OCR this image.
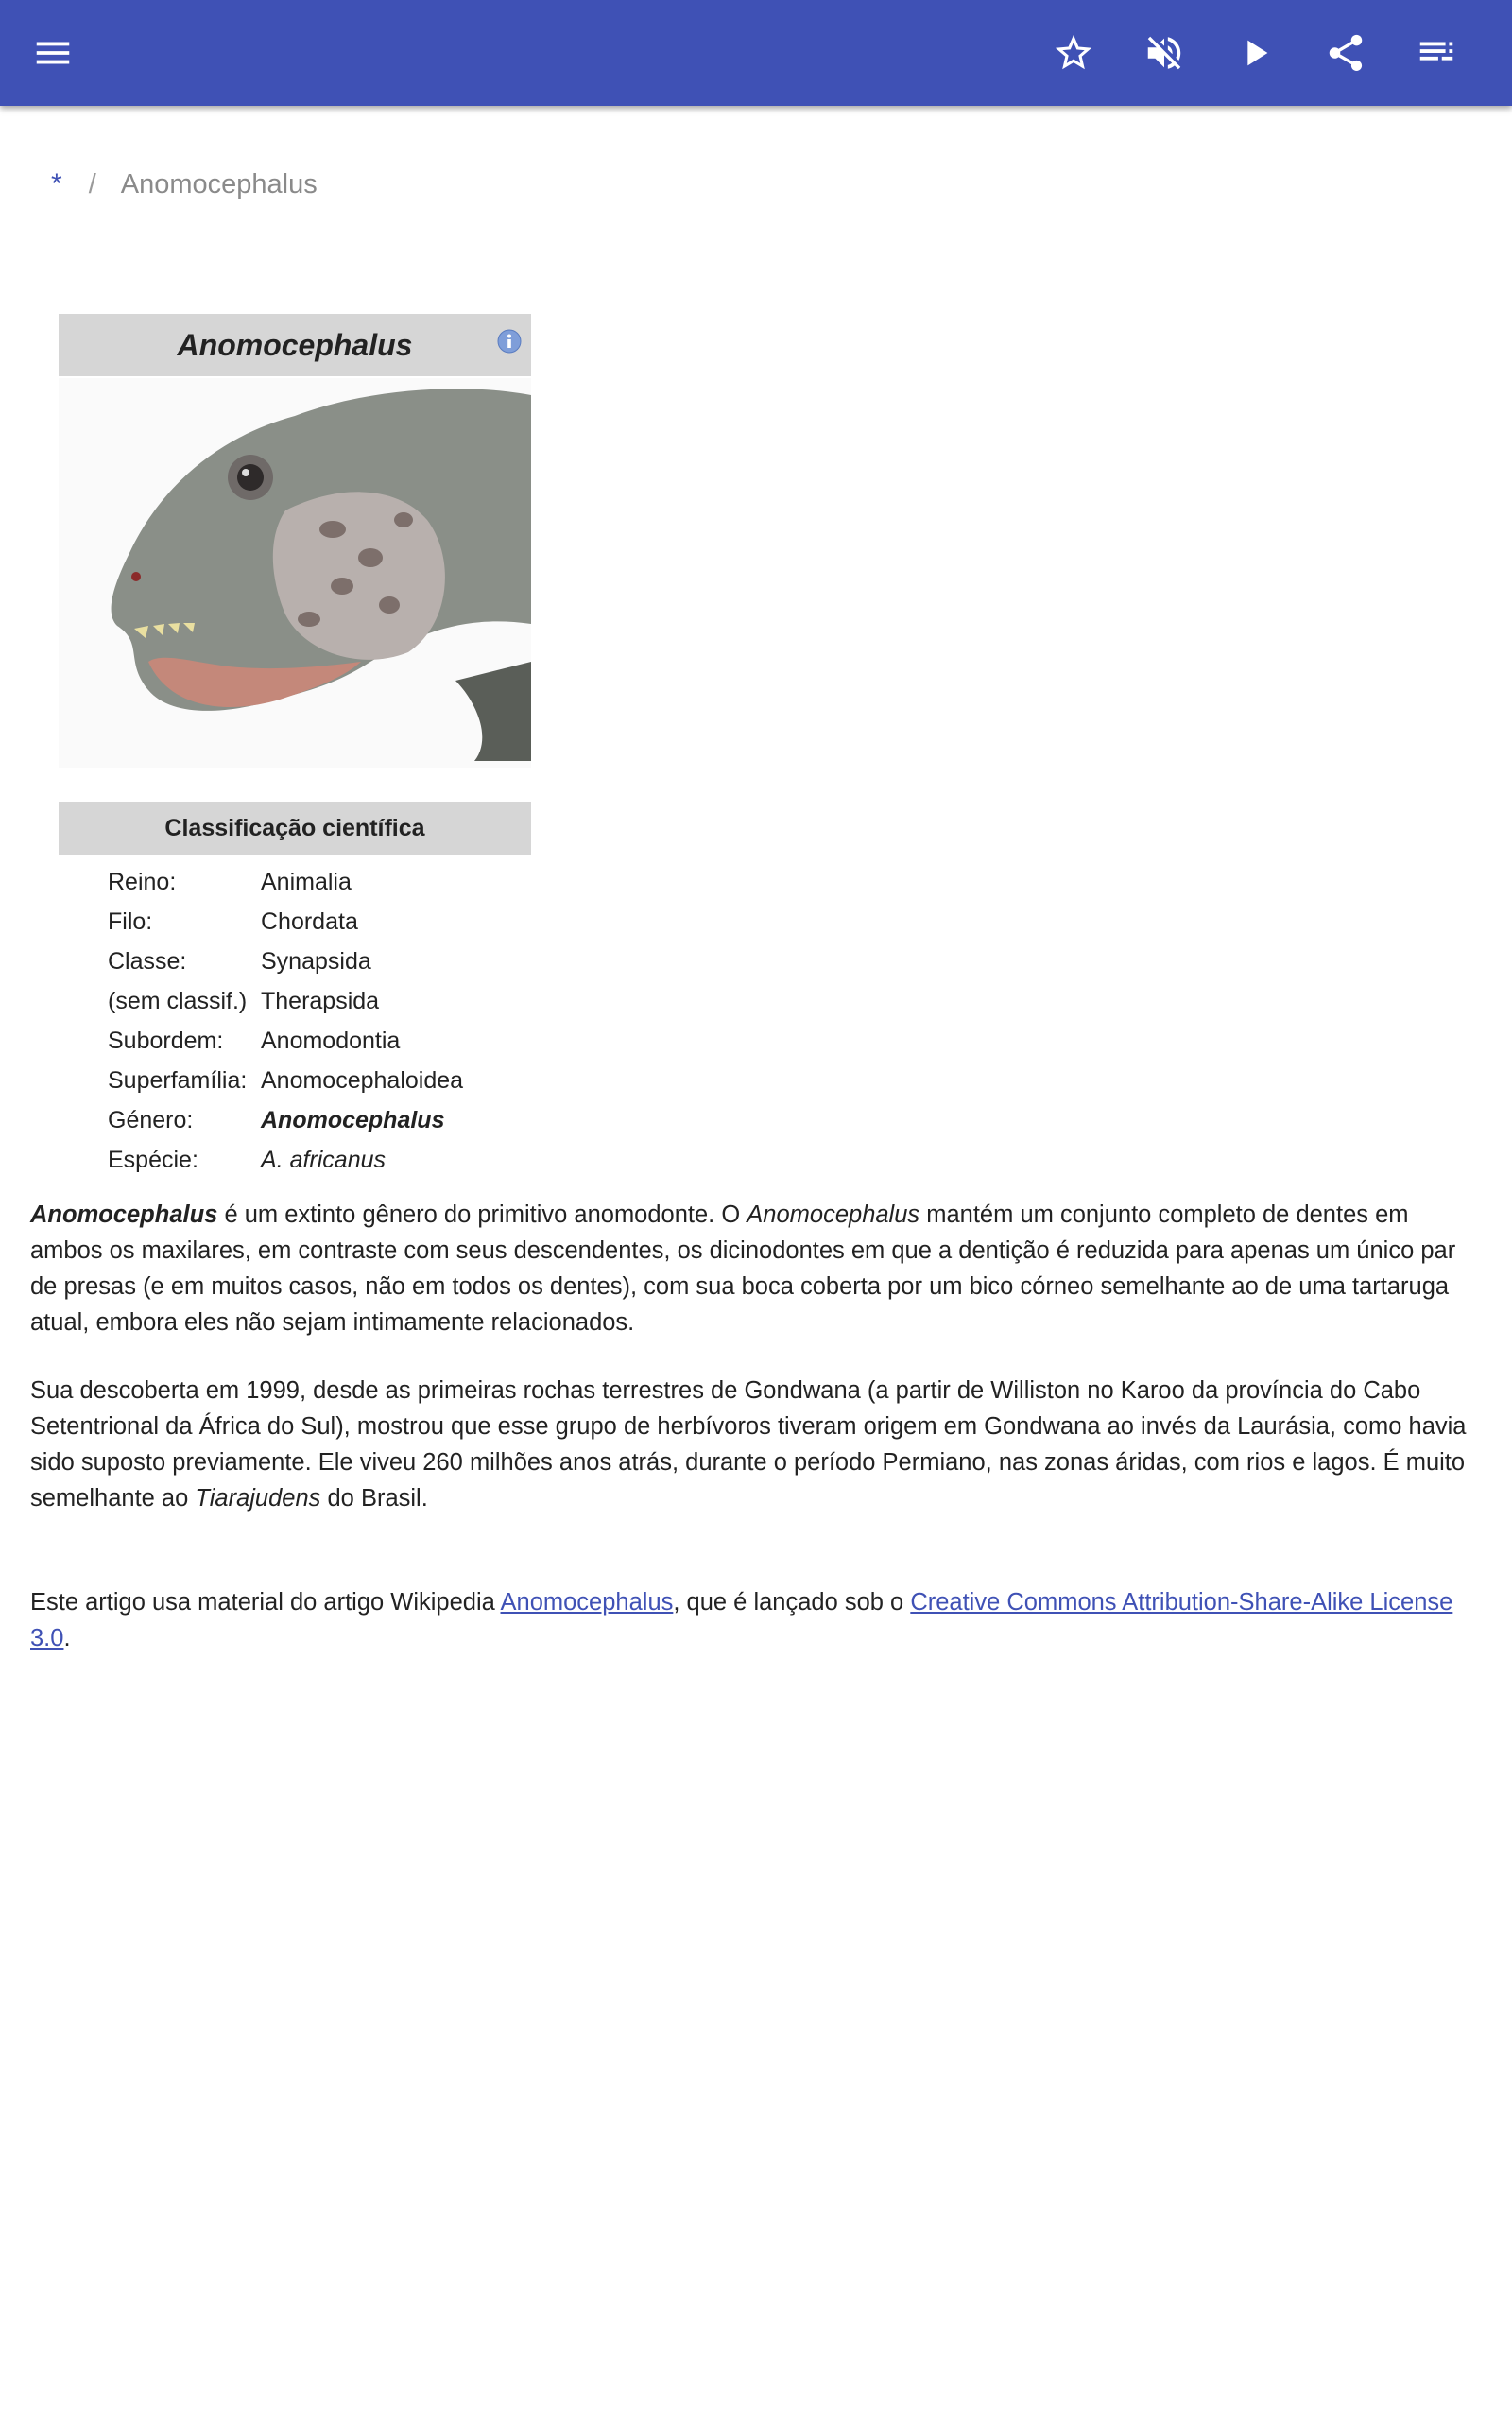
* / Anomocephalus
Anomocephalus
Classificação científica
Reino:	Animalia
Filo:	Chordata
Classe:	Synapsida
(sem classif.) Therapsida
Subordem:	Anomodontia
Superfamília: Anomocephaloidea
Género:	Anomocephalus
Espécie:	A. africanus

Anomocephalus é um extinto gênero do primitivo anomodonte. O Anomocephalus mantém um conjunto completo de dentes em ambos os maxilares, em contraste com seus descendentes, os dicinodontes em que a dentição é reduzida para apenas um único par de presas (e em muitos casos, não em todos os dentes), com sua boca coberta por um bico córneo semelhante ao de uma tartaruga atual, embora eles não sejam intimamente relacionados.

Sua descoberta em 1999, desde as primeiras rochas terrestres de Gondwana (a partir de Williston no Karoo da província do Cabo Setentrional da África do Sul), mostrou que esse grupo de herbívoros tiveram origem em Gondwana ao invés da Laurásia, como havia sido suposto previamente. Ele viveu 260 milhões anos atrás, durante o período Permiano, nas zonas áridas, com rios e lagos. É muito semelhante ao Tiarajudens do Brasil.

Este artigo usa material do artigo Wikipedia Anomocephalus, que é lançado sob o Creative Commons Attribution-Share-Alike License 3.0.
